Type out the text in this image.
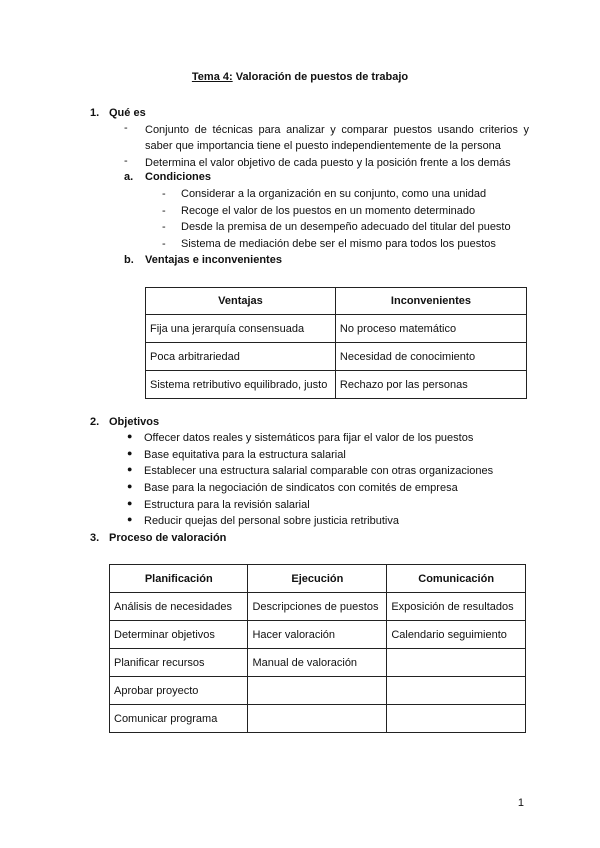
Tema 4: Valoración de puestos de trabajo
1. Qué es
- Conjunto de técnicas para analizar y comparar puestos usando criterios y saber que importancia tiene el puesto independientemente de la persona
- Determina el valor objetivo de cada puesto y la posición frente a los demás
a. Condiciones
- Considerar a la organización en su conjunto, como una unidad
- Recoge el valor de los puestos en un momento determinado
- Desde la premisa de un desempeño adecuado del titular del puesto
- Sistema de mediación debe ser el mismo para todos los puestos
b. Ventajas e inconvenientes
Ventajas	Inconvenientes
Fija una jerarquía consensuada	No proceso matemático
Poca arbitrariedad	Necesidad de conocimiento
Sistema retributivo equilibrado, justo	Rechazo por las personas
2. Objetivos
● Offecer datos reales y sistemáticos para fijar el valor de los puestos
● Base equitativa para la estructura salarial
● Establecer una estructura salarial comparable con otras organizaciones
● Base para la negociación de sindicatos con comités de empresa
● Estructura para la revisión salarial
● Reducir quejas del personal sobre justicia retributiva
3. Proceso de valoración
Planificación	Ejecución	Comunicación
Análisis de necesidades	Descripciones de puestos	Exposición de resultados
Determinar objetivos	Hacer valoración	Calendario seguimiento
Planificar recursos	Manual de valoración	
Aprobar proyecto		
Comunicar programa		
1
